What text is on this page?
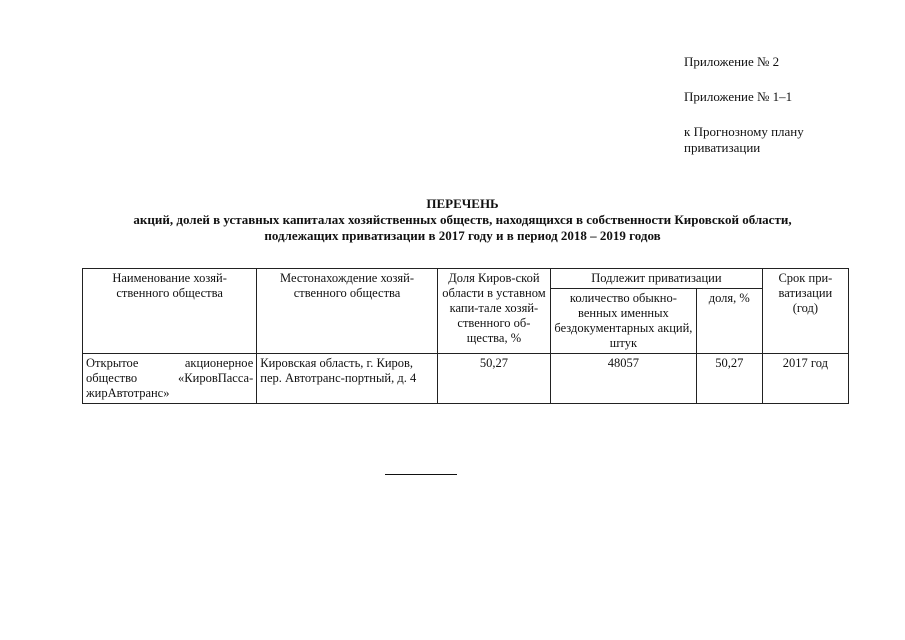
Приложение № 2
Приложение № 1–1
к Прогнозному плану приватизации
ПЕРЕЧЕНЬ
акций, долей в уставных капиталах хозяйственных обществ, находящихся в собственности Кировской области,
подлежащих приватизации в 2017 году и в период 2018 – 2019 годов
Наименование хозяй-ственного общества	Местонахождение хозяй-ственного общества	Доля Киров-ской области в уставном капи-тале хозяй-ственного об-щества, %	Подлежит приватизации		Срок при-ватизации (год)
			количество обыкно-венных именных бездокументарных акций, штук	доля, %	
Открытое акционерное общество «КировПасса-жирАвтотранс»	Кировская область, г. Киров, пер. Автотранс-портный, д. 4	50,27	48057	50,27	2017 год
